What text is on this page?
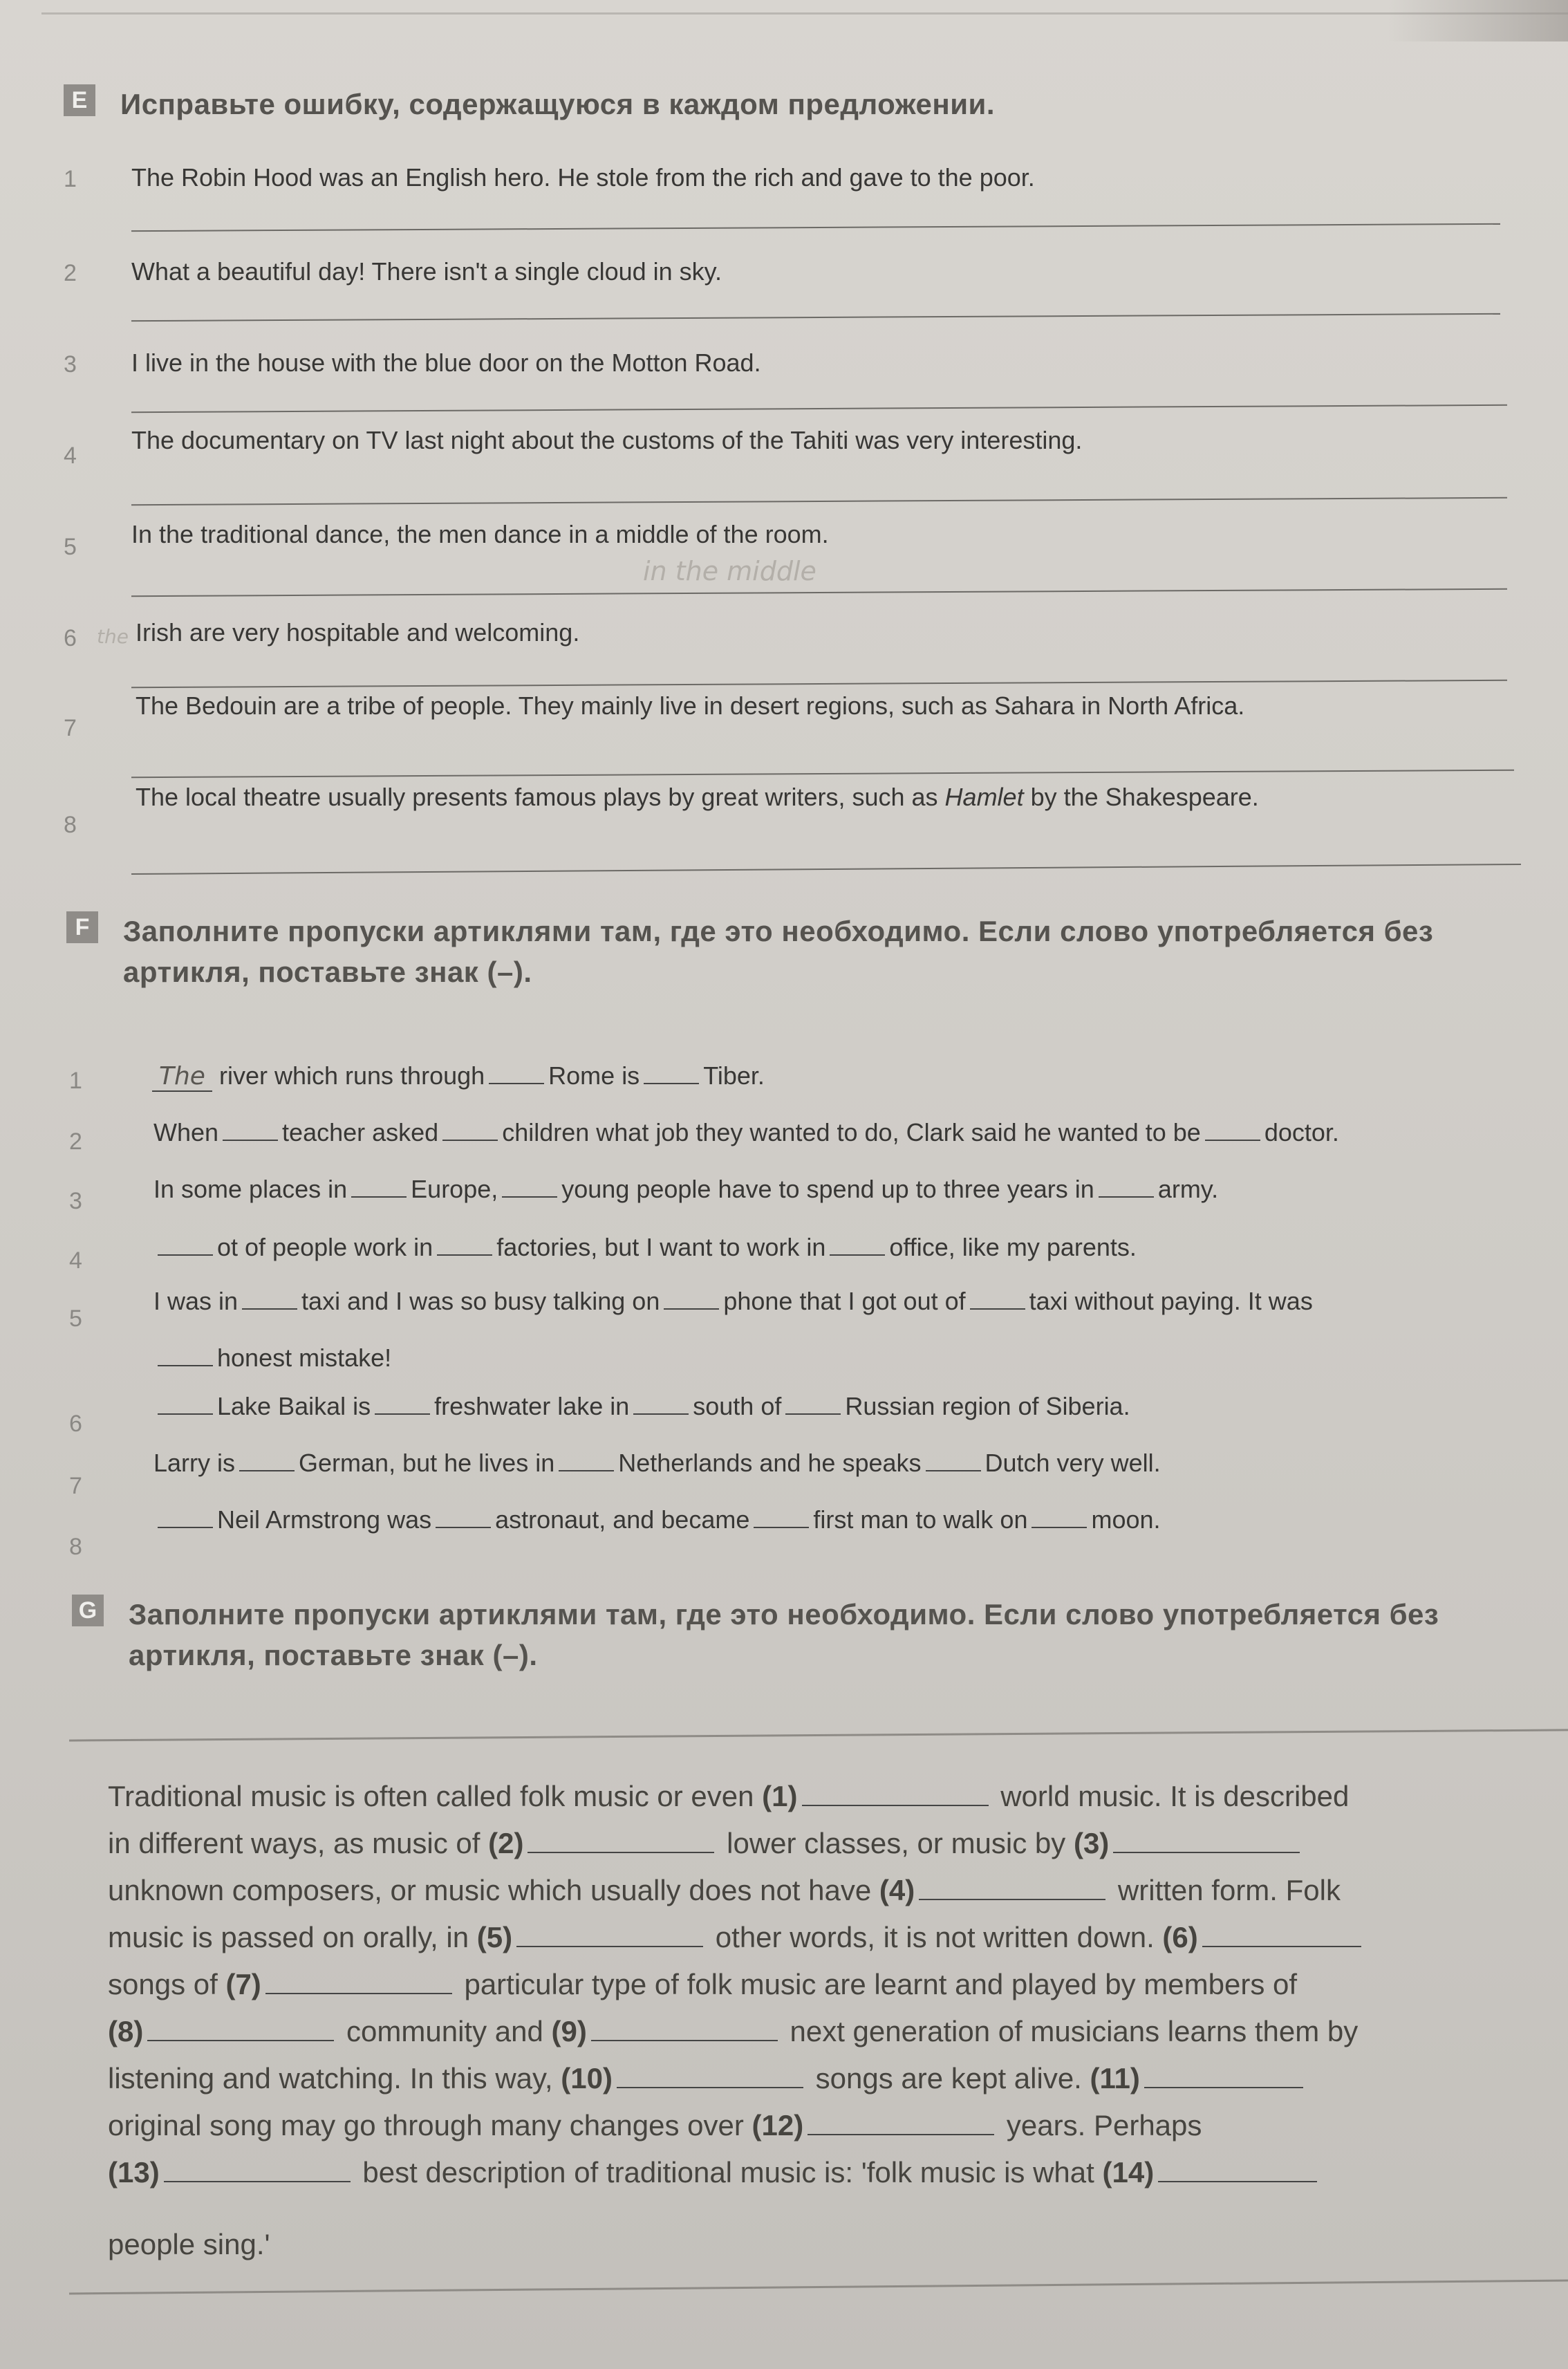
E Исправьте ошибку, содержащуюся в каждом предложении.
1 The Robin Hood was an English hero. He stole from the rich and gave to the poor.
2 What a beautiful day! There isn't a single cloud in sky.
3 I live in the house with the blue door on the Motton Road.
4
The documentary on TV last night about the customs of the Tahiti was very interesting.
5 In the traditional dance, the men dance in a middle of the room.
in the middle
6 the Irish are very hospitable and welcoming.
7
The Bedouin are a tribe of people. They mainly live in desert regions, such as Sahara in North Africa.
8
The local theatre usually presents famous plays by great writers, such as Hamlet by the Shakespeare.
F	Заполните пропуски артиклями там, где это необходимо. Если слово употребляется без
артикля, поставьте знак (–).
1	The river which runs through	Rome is	Tiber.
2	When	teacher asked	children what job they wanted to do, Clark said he wanted to be	doctor.
3	In some places in	Europe,	young people have to spend up to three years in	army.
4	ot of people work in	factories, but I want to work in	office, like my parents.
5
I was in	taxi and I was so busy talking on	phone that I got out of	taxi without paying. It was
honest mistake!
6
Lake Baikal is	freshwater lake in	south of	Russian region of Siberia.
7
Larry is	German, but he lives in	Netherlands and he speaks	Dutch very well.
8
Neil Armstrong was	astronaut, and became	first man to walk on	moon.
G Заполните пропуски артиклями там, где это необходимо. Если слово употребляется без
артикля, поставьте знак (–).
Traditional music is often called folk music or even (1)	world music. It is described
in different ways, as music of (2)	lower classes, or music by (3)
unknown composers, or music which usually does not have (4)	written form. Folk
music is passed on orally, in (5)	other words, it is not written down. (6)
songs of (7)	particular type of folk music are learnt and played by members of
(8)	community and (9)	next generation of musicians learns them by
listening and watching. In this way, (10)	songs are kept alive. (11)
original song may go through many changes over (12)	years. Perhaps
(13)	best description of traditional music is: 'folk music is what (14)
people sing.'
